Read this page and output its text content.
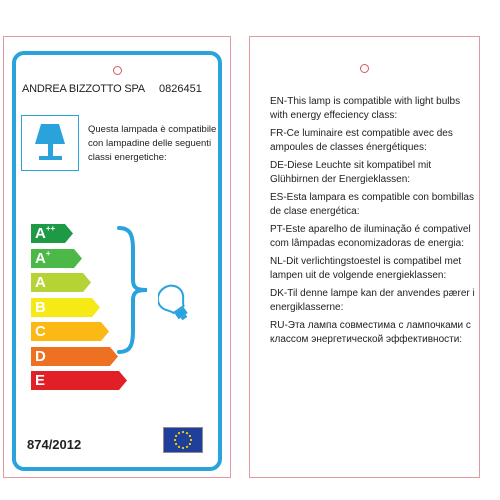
ANDREA BIZZOTTO SPA 0826451
Questa lampada è compatibile con lampadine delle seguenti classi energetiche:
A++
A+
A
B
C
D
E
874/2012
EN-This lamp is compatible with light bulbs with energy effeciency class:
FR-Ce luminaire est compatible avec des ampoules de classes énergétiques:
DE-Diese Leuchte sit kompatibel mit Glühbirnen der Energieklassen:
ES-Esta lampara es compatible con bombillas de clase energética:
PT-Este aparelho de iluminação é compativel com lâmpadas economizadoras de energia:
NL-Dit verlichtingstoestel is compatibel met lampen uit de volgende energieklassen:
DK-Til denne lampe kan der anvendes pærer i energiklasserne:
RU-Эта лампа совместима с лампочками с классом энергетической эффективности:
